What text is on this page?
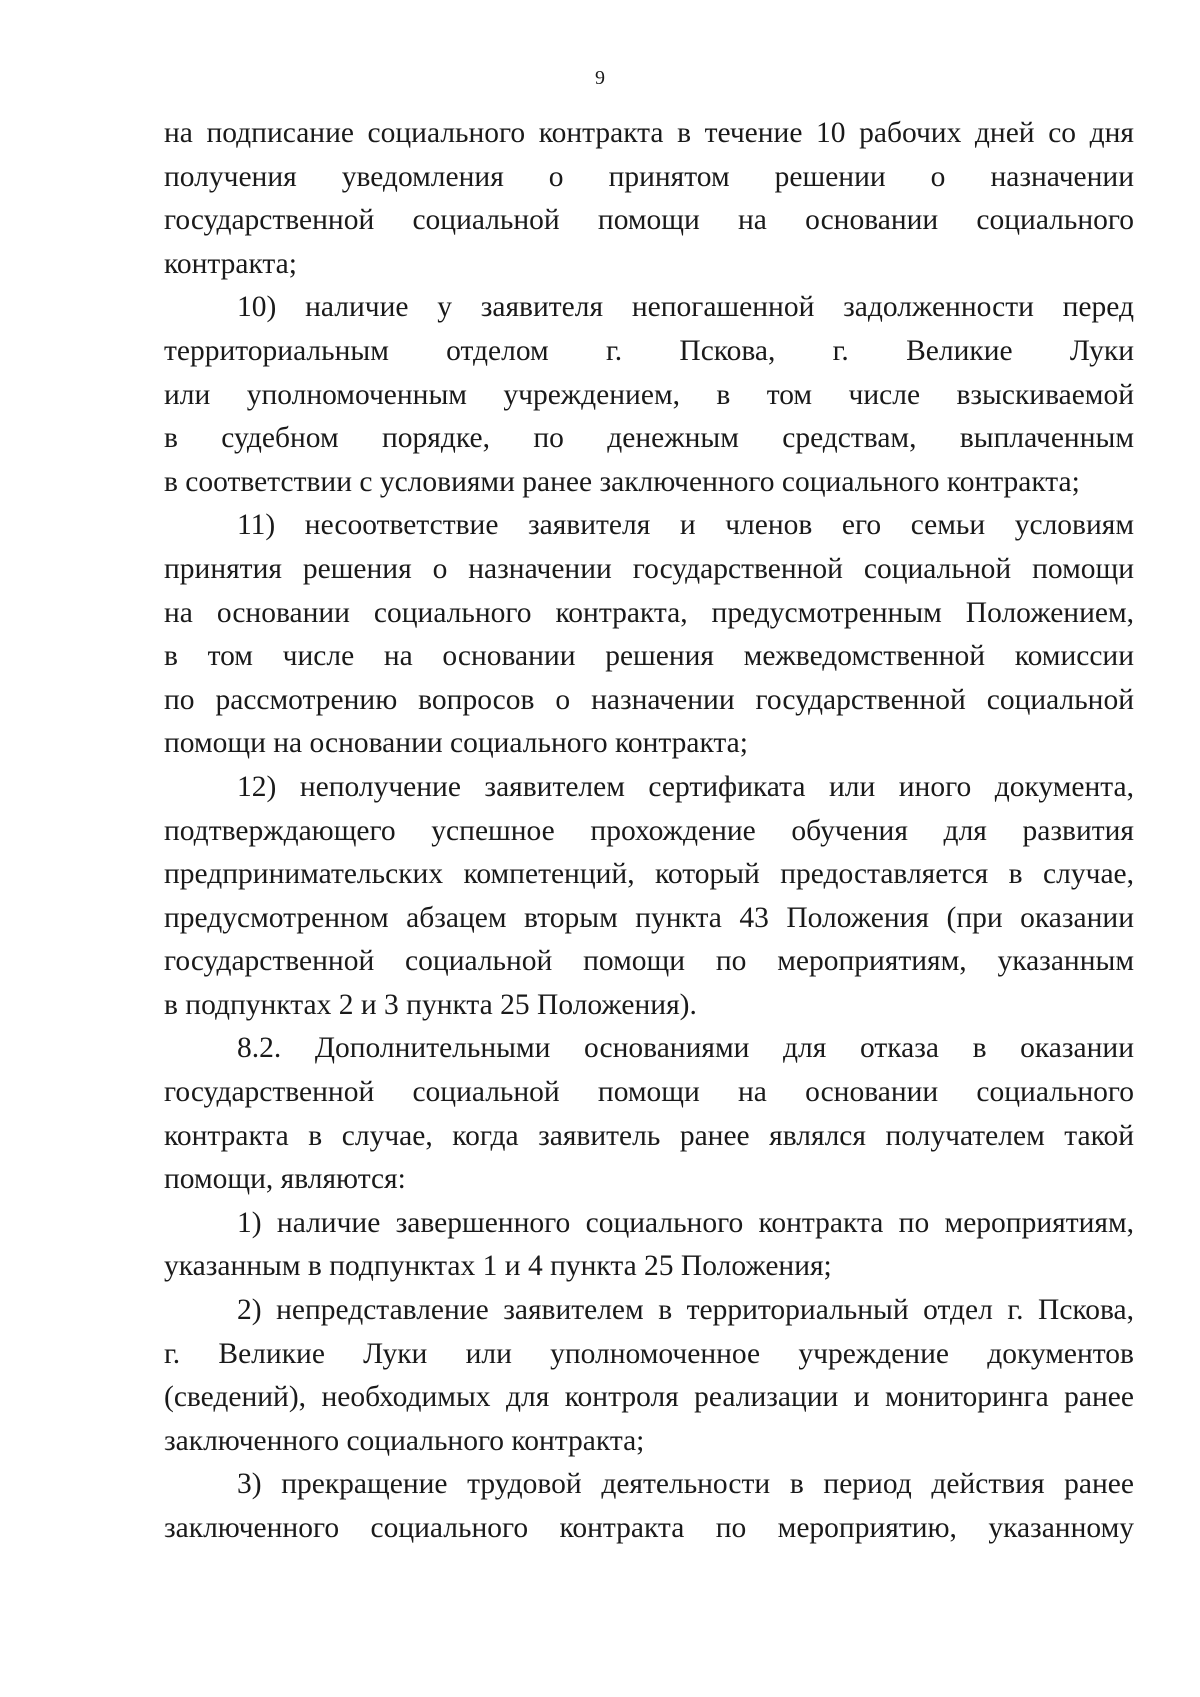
9
на подписание социального контракта в течение 10 рабочих дней со дня
получения уведомления о принятом решении о назначении
государственной социальной помощи на основании социального
контракта;
10) наличие у заявителя непогашенной задолженности перед
территориальным отделом г. Пскова, г. Великие Луки
или уполномоченным учреждением, в том числе взыскиваемой
в судебном порядке, по денежным средствам, выплаченным
в соответствии с условиями ранее заключенного социального контракта;
11) несоответствие заявителя и членов его семьи условиям
принятия решения о назначении государственной социальной помощи
на основании социального контракта, предусмотренным Положением,
в том числе на основании решения межведомственной комиссии
по рассмотрению вопросов о назначении государственной социальной
помощи на основании социального контракта;
12) неполучение заявителем сертификата или иного документа,
подтверждающего успешное прохождение обучения для развития
предпринимательских компетенций, который предоставляется в случае,
предусмотренном абзацем вторым пункта 43 Положения (при оказании
государственной социальной помощи по мероприятиям, указанным
в подпунктах 2 и 3 пункта 25 Положения).
8.2. Дополнительными основаниями для отказа в оказании
государственной социальной помощи на основании социального
контракта в случае, когда заявитель ранее являлся получателем такой
помощи, являются:
1) наличие завершенного социального контракта по мероприятиям,
указанным в подпунктах 1 и 4 пункта 25 Положения;
2) непредставление заявителем в территориальный отдел г. Пскова,
г. Великие Луки или уполномоченное учреждение документов
(сведений), необходимых для контроля реализации и мониторинга ранее
заключенного социального контракта;
3) прекращение трудовой деятельности в период действия ранее
заключенного социального контракта по мероприятию, указанному
